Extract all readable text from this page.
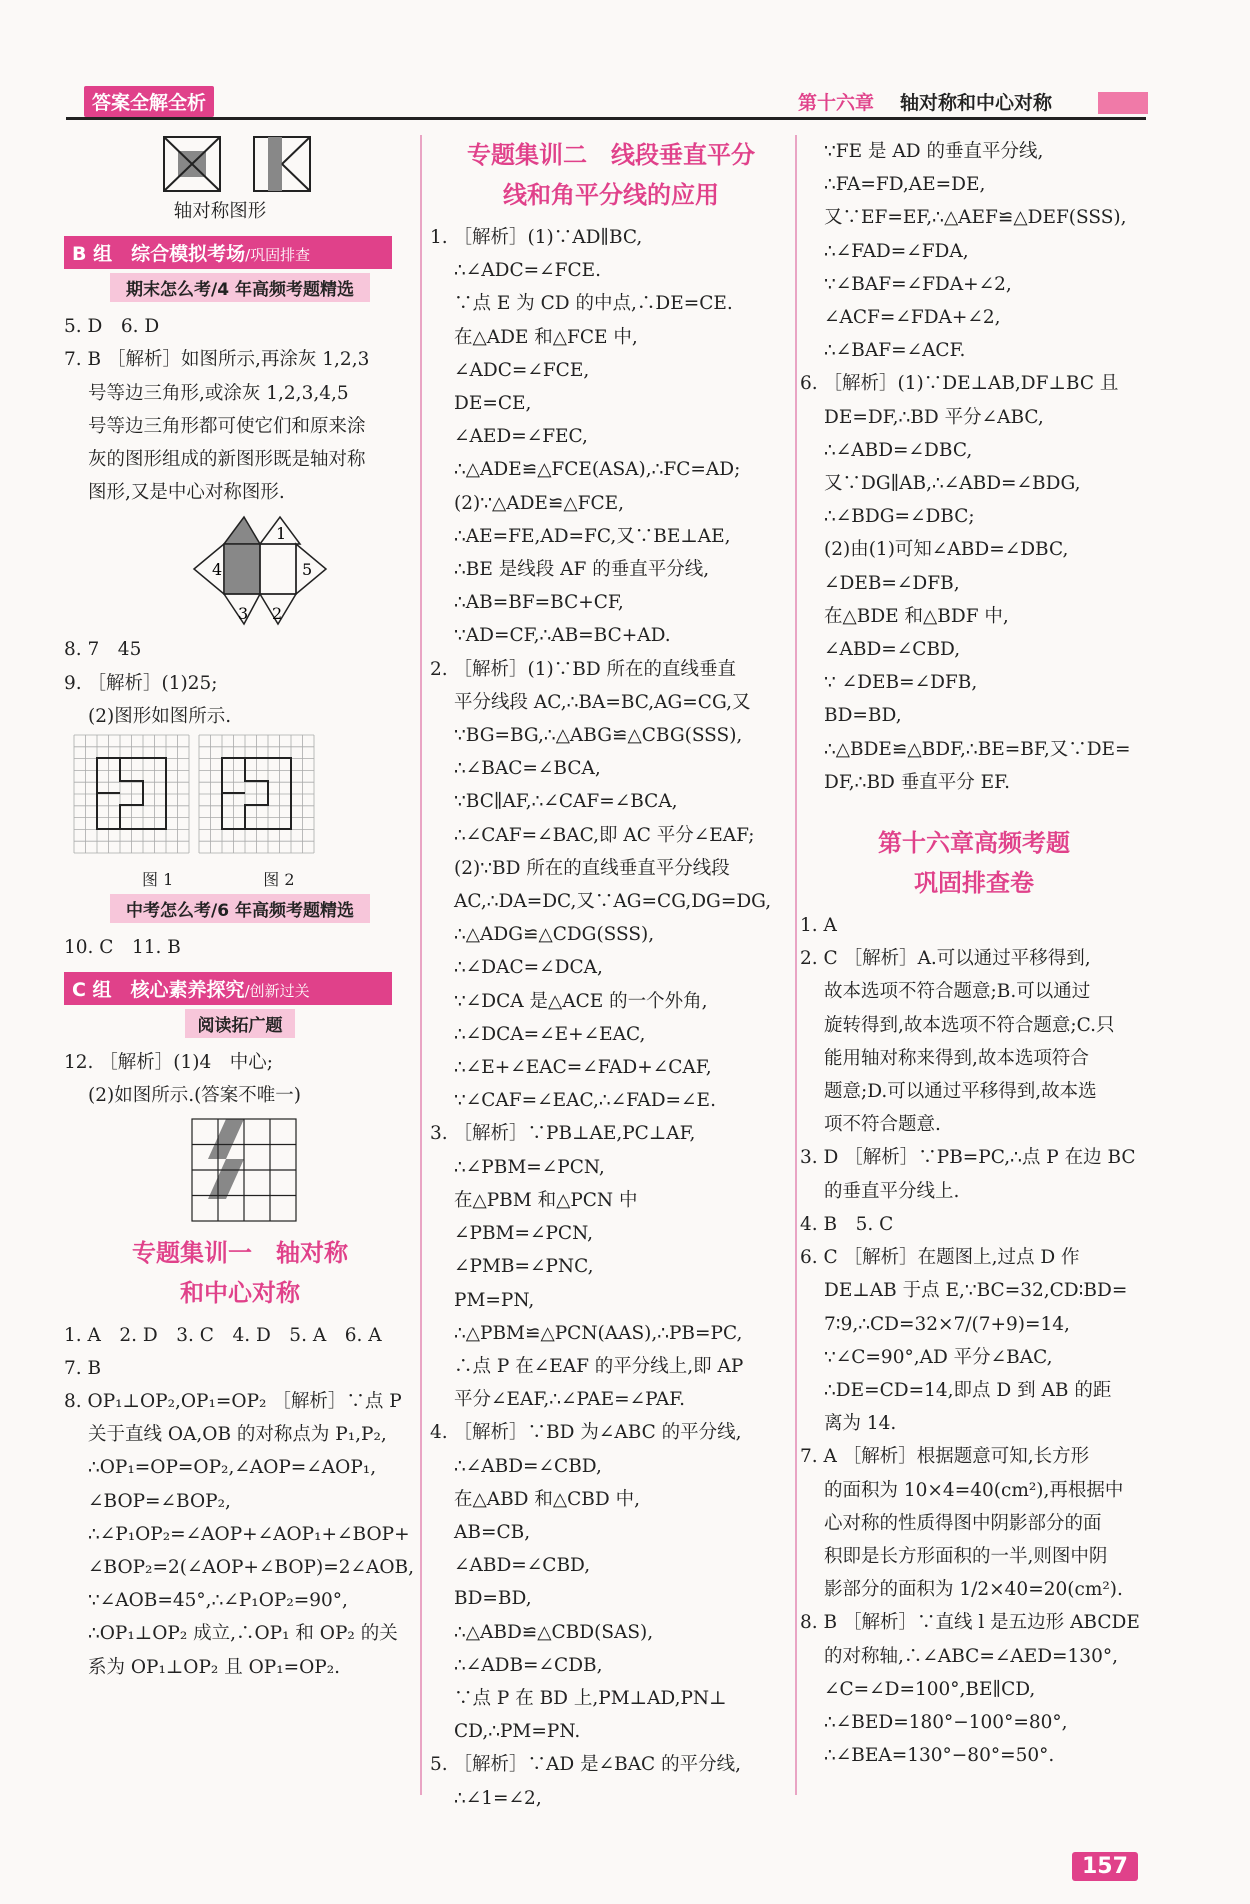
答案全解全析	第十六章 轴对称和中心对称

轴对称图形

B 组　综合模拟考场/巩固排查
期末怎么考/4 年高频考题精选

5. D　6. D

7. B ［解析］如图所示,再涂灰 1,2,3

号等边三角形,或涂灰 1,2,3,4,5

号等边三角形都可使它们和原来涂

灰的图形组成的新图形既是轴对称

图形,又是中心对称图形.

1
4	5
3 2

8. 7　45

9. ［解析］(1)25;

(2)图形如图所示.

图 1	图 2
中考怎么考/6 年高频考题精选

10. C　11. B

C 组　核心素养探究/创新过关
阅读拓广题

12. ［解析］(1)4　中心;

(2)如图所示.(答案不唯一)

专题集训一　轴对称
和中心对称

1. A　2. D　3. C　4. D　5. A　6. A

7. B

8. OP₁⊥OP₂,OP₁=OP₂ ［解析］∵点 P

关于直线 OA,OB 的对称点为 P₁,P₂,

∴OP₁=OP=OP₂,∠AOP=∠AOP₁,

∠BOP=∠BOP₂,

∴∠P₁OP₂=∠AOP+∠AOP₁+∠BOP+

∠BOP₂=2(∠AOP+∠BOP)=2∠AOB,

∵∠AOB=45°,∴∠P₁OP₂=90°,

∴OP₁⊥OP₂ 成立,∴OP₁ 和 OP₂ 的关

系为 OP₁⊥OP₂ 且 OP₁=OP₂.

专题集训二　线段垂直平分
线和角平分线的应用

1. ［解析］(1)∵AD∥BC,

∴∠ADC=∠FCE.

∵点 E 为 CD 的中点,∴DE=CE.

在△ADE 和△FCE 中,

∠ADC=∠FCE,

DE=CE,

∠AED=∠FEC,

∴△ADE≌△FCE(ASA),∴FC=AD;

(2)∵△ADE≌△FCE,

∴AE=FE,AD=FC,又∵BE⊥AE,

∴BE 是线段 AF 的垂直平分线,

∴AB=BF=BC+CF,

∵AD=CF,∴AB=BC+AD.

2. ［解析］(1)∵BD 所在的直线垂直

平分线段 AC,∴BA=BC,AG=CG,又

∵BG=BG,∴△ABG≌△CBG(SSS),

∴∠BAC=∠BCA,

∵BC∥AF,∴∠CAF=∠BCA,

∴∠CAF=∠BAC,即 AC 平分∠EAF;

(2)∵BD 所在的直线垂直平分线段

AC,∴DA=DC,又∵AG=CG,DG=DG,

∴△ADG≌△CDG(SSS),

∴∠DAC=∠DCA,

∵∠DCA 是△ACE 的一个外角,

∴∠DCA=∠E+∠EAC,

∴∠E+∠EAC=∠FAD+∠CAF,

∵∠CAF=∠EAC,∴∠FAD=∠E.

3. ［解析］∵PB⊥AE,PC⊥AF,

∴∠PBM=∠PCN,

在△PBM 和△PCN 中

∠PBM=∠PCN,

∠PMB=∠PNC,

PM=PN,

∴△PBM≌△PCN(AAS),∴PB=PC,

∴点 P 在∠EAF 的平分线上,即 AP

平分∠EAF,∴∠PAE=∠PAF.

4. ［解析］∵BD 为∠ABC 的平分线,

∴∠ABD=∠CBD,

在△ABD 和△CBD 中,

AB=CB,

∠ABD=∠CBD,

BD=BD,

∴△ABD≌△CBD(SAS),

∴∠ADB=∠CDB,

∵点 P 在 BD 上,PM⊥AD,PN⊥

CD,∴PM=PN.

5. ［解析］∵AD 是∠BAC 的平分线,

∴∠1=∠2,

∵FE 是 AD 的垂直平分线,

∴FA=FD,AE=DE,

又∵EF=EF,∴△AEF≌△DEF(SSS),

∴∠FAD=∠FDA,

∵∠BAF=∠FDA+∠2,

∠ACF=∠FDA+∠2,

∴∠BAF=∠ACF.

6. ［解析］(1)∵DE⊥AB,DF⊥BC 且

DE=DF,∴BD 平分∠ABC,

∴∠ABD=∠DBC,

又∵DG∥AB,∴∠ABD=∠BDG,

∴∠BDG=∠DBC;

(2)由(1)可知∠ABD=∠DBC,

∠DEB=∠DFB,

在△BDE 和△BDF 中,

∠ABD=∠CBD,

∵ ∠DEB=∠DFB,

BD=BD,

∴△BDE≌△BDF,∴BE=BF,又∵DE=

DF,∴BD 垂直平分 EF.

第十六章高频考题
巩固排查卷

1. A

2. C ［解析］A.可以通过平移得到,

故本选项不符合题意;B.可以通过

旋转得到,故本选项不符合题意;C.只

能用轴对称来得到,故本选项符合

题意;D.可以通过平移得到,故本选

项不符合题意.

3. D ［解析］∵PB=PC,∴点 P 在边 BC

的垂直平分线上.

4. B　5. C

6. C ［解析］在题图上,过点 D 作

DE⊥AB 于点 E,∵BC=32,CD∶BD=

7∶9,∴CD=32×7/(7+9)=14,

∵∠C=90°,AD 平分∠BAC,

∴DE=CD=14,即点 D 到 AB 的距

离为 14.

7. A ［解析］根据题意可知,长方形

的面积为 10×4=40(cm²),再根据中

心对称的性质得图中阴影部分的面

积即是长方形面积的一半,则图中阴

影部分的面积为 1/2×40=20(cm²).

8. B ［解析］∵直线 l 是五边形 ABCDE

的对称轴,∴∠ABC=∠AED=130°,

∠C=∠D=100°,BE∥CD,

∴∠BED=180°−100°=80°,

∴∠BEA=130°−80°=50°.

157
